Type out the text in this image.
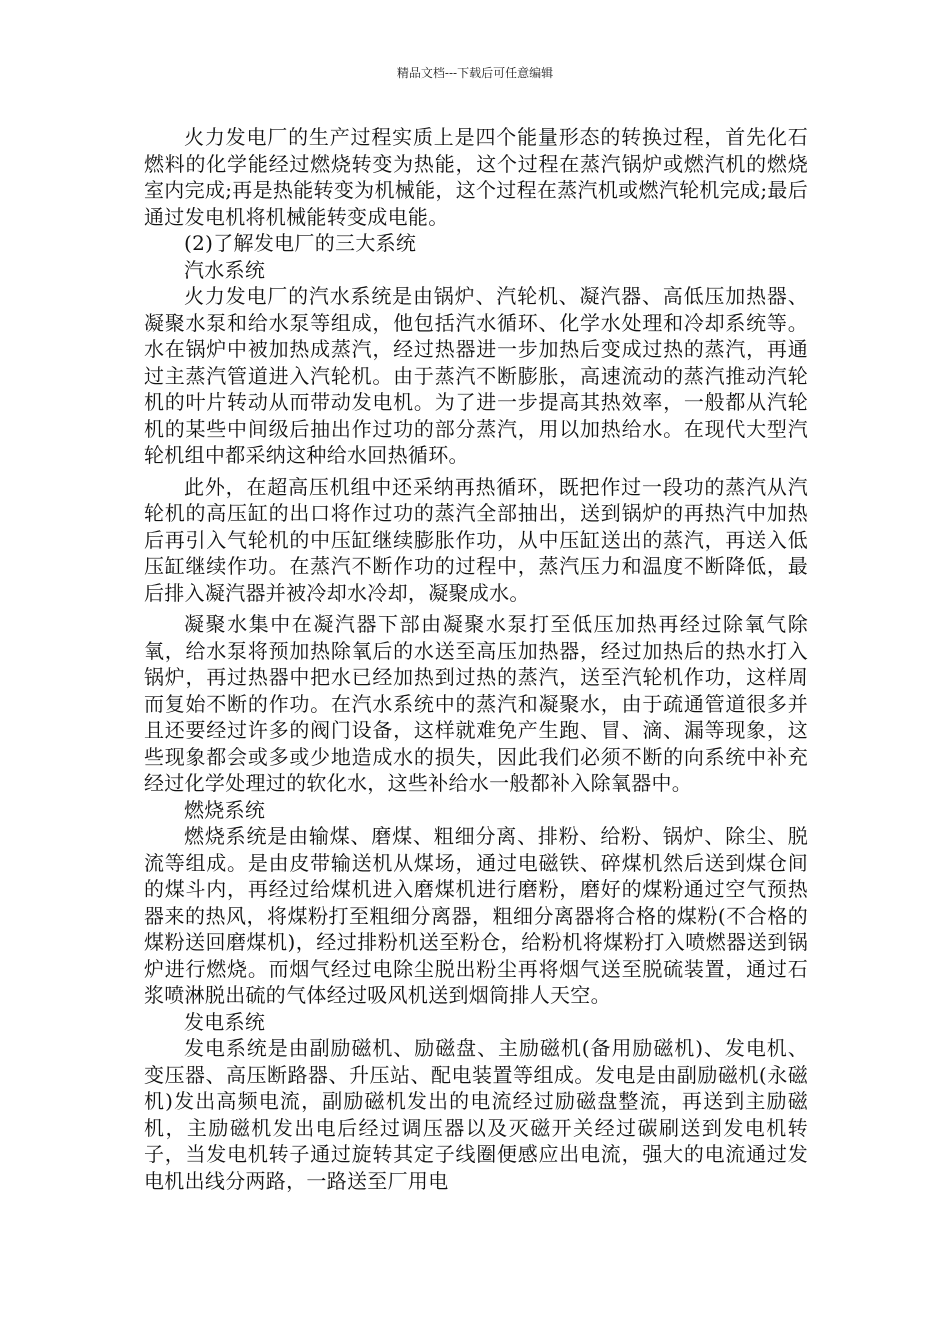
精品文档---下载后可任意编辑

火力发电厂的生产过程实质上是四个能量形态的转换过程，首先化石燃料的化学能经过燃烧转变为热能，这个过程在蒸汽锅炉或燃汽机的燃烧室内完成;再是热能转变为机械能，这个过程在蒸汽机或燃汽轮机完成;最后通过发电机将机械能转变成电能。

(2)了解发电厂的三大系统

汽水系统

火力发电厂的汽水系统是由锅炉、汽轮机、凝汽器、高低压加热器、凝聚水泵和给水泵等组成，他包括汽水循环、化学水处理和冷却系统等。水在锅炉中被加热成蒸汽，经过热器进一步加热后变成过热的蒸汽，再通过主蒸汽管道进入汽轮机。由于蒸汽不断膨胀，高速流动的蒸汽推动汽轮机的叶片转动从而带动发电机。为了进一步提高其热效率，一般都从汽轮机的某些中间级后抽出作过功的部分蒸汽，用以加热给水。在现代大型汽轮机组中都采纳这种给水回热循环。

此外，在超高压机组中还采纳再热循环，既把作过一段功的蒸汽从汽轮机的高压缸的出口将作过功的蒸汽全部抽出，送到锅炉的再热汽中加热后再引入气轮机的中压缸继续膨胀作功，从中压缸送出的蒸汽，再送入低压缸继续作功。在蒸汽不断作功的过程中，蒸汽压力和温度不断降低，最后排入凝汽器并被冷却水冷却，凝聚成水。

凝聚水集中在凝汽器下部由凝聚水泵打至低压加热再经过除氧气除氧，给水泵将预加热除氧后的水送至高压加热器，经过加热后的热水打入锅炉，再过热器中把水已经加热到过热的蒸汽，送至汽轮机作功，这样周而复始不断的作功。在汽水系统中的蒸汽和凝聚水，由于疏通管道很多并且还要经过许多的阀门设备，这样就难免产生跑、冒、滴、漏等现象，这些现象都会或多或少地造成水的损失，因此我们必须不断的向系统中补充经过化学处理过的软化水，这些补给水一般都补入除氧器中。

燃烧系统

燃烧系统是由输煤、磨煤、粗细分离、排粉、给粉、锅炉、除尘、脱流等组成。是由皮带输送机从煤场，通过电磁铁、碎煤机然后送到煤仓间的煤斗内，再经过给煤机进入磨煤机进行磨粉，磨好的煤粉通过空气预热器来的热风，将煤粉打至粗细分离器，粗细分离器将合格的煤粉(不合格的煤粉送回磨煤机)，经过排粉机送至粉仓，给粉机将煤粉打入喷燃器送到锅炉进行燃烧。而烟气经过电除尘脱出粉尘再将烟气送至脱硫装置，通过石浆喷淋脱出硫的气体经过吸风机送到烟筒排人天空。

发电系统

发电系统是由副励磁机、励磁盘、主励磁机(备用励磁机)、发电机、变压器、高压断路器、升压站、配电装置等组成。发电是由副励磁机(永磁机)发出高频电流，副励磁机发出的电流经过励磁盘整流，再送到主励磁机，主励磁机发出电后经过调压器以及灭磁开关经过碳刷送到发电机转子，当发电机转子通过旋转其定子线圈便感应出电流，强大的电流通过发电机出线分两路，一路送至厂用电
